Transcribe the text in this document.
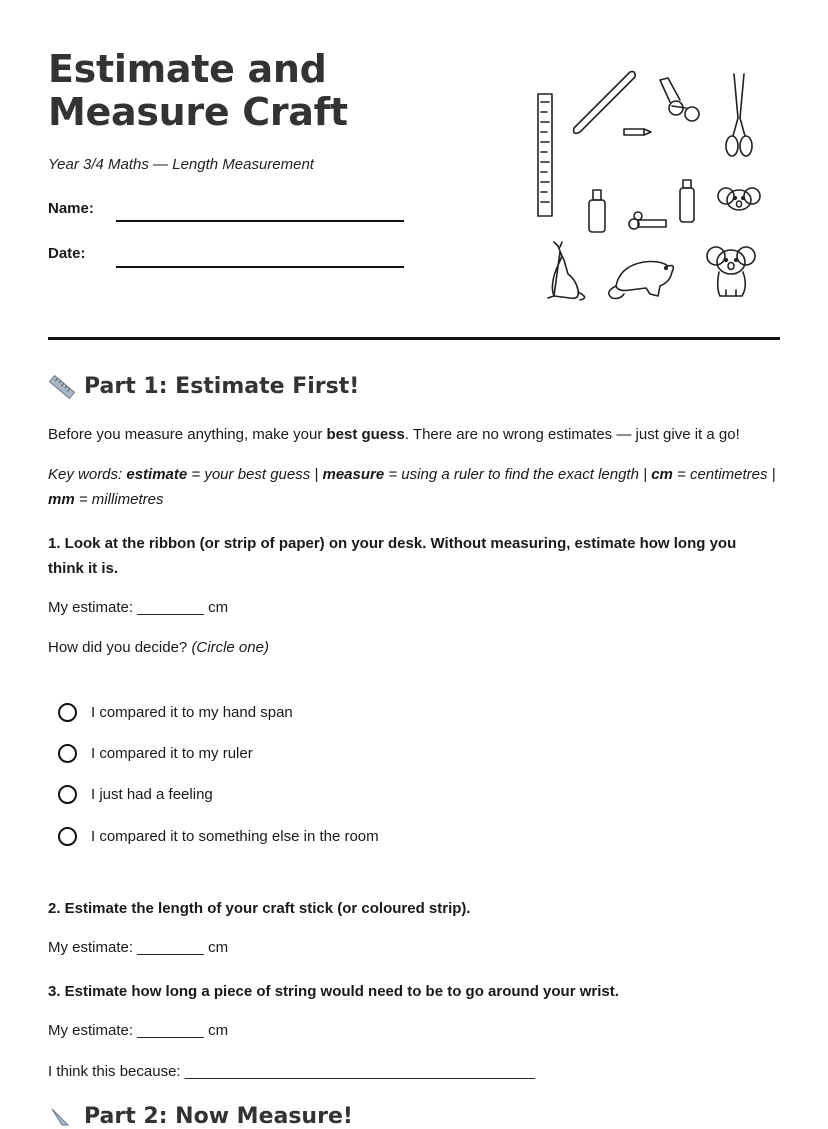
Estimate and Measure Craft
Year 3/4 Maths — Length Measurement
Name:
Date:
Part 1: Estimate First!

Before you measure anything, make your best guess. There are no wrong estimates — just give it a go!

Key words: estimate = your best guess | measure = using a ruler to find the exact length | cm = centimetres | mm = millimetres

1. Look at the ribbon (or strip of paper) on your desk. Without measuring, estimate how long you think it is.

My estimate: ________ cm

How did you decide? (Circle one)

I compared it to my hand span
I compared it to my ruler
I just had a feeling
I compared it to something else in the room

2. Estimate the length of your craft stick (or coloured strip).

My estimate: ________ cm

3. Estimate how long a piece of string would need to be to go around your wrist.

My estimate: ________ cm

I think this because: __________________________________________

Part 2: Now Measure!
